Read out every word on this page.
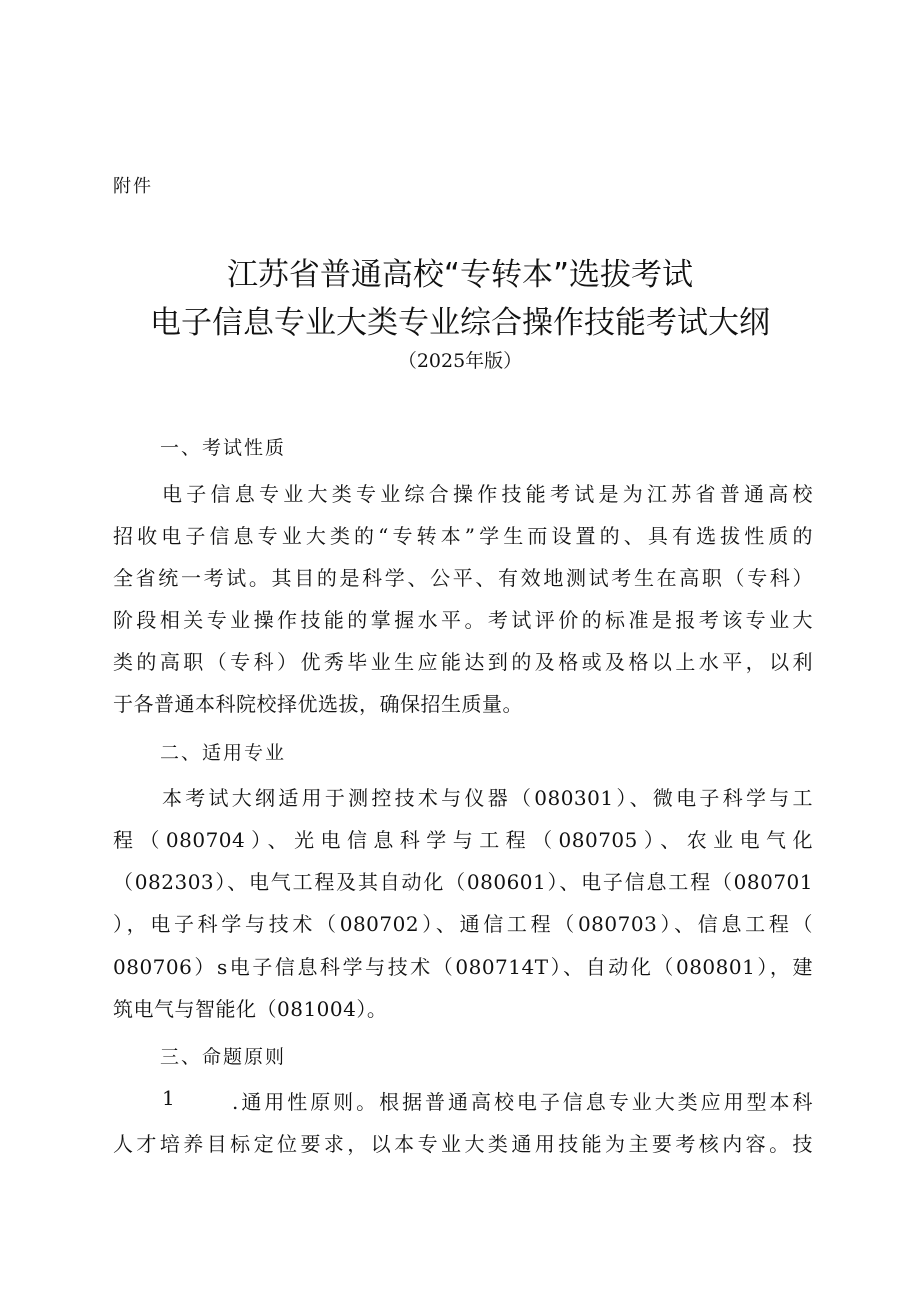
附件
江苏省普通高校“专转本”选拔考试
电子信息专业大类专业综合操作技能考试大纲
（2025年版）
一、考试性质
电子信息专业大类专业综合操作技能考试是为江苏省普通高校
招收电子信息专业大类的“专转本”学生而设置的、具有选拔性质的
全省统一考试。其目的是科学、公平、有效地测试考生在高职（专科）
阶段相关专业操作技能的掌握水平。考试评价的标准是报考该专业大
类的高职（专科）优秀毕业生应能达到的及格或及格以上水平，以利
于各普通本科院校择优选拔，确保招生质量。
二、适用专业
本考试大纲适用于测控技术与仪器（080301）、微电子科学与工
程（080704）、光电信息科学与工程（080705）、农业电气化
（082303）、电气工程及其自动化（080601）、电子信息工程（080701
），电子科学与技术（080702）、通信工程（080703）、信息工程（
080706）s电子信息科学与技术（080714T）、自动化（080801），建
筑电气与智能化（081004）。
三、命题原则
1	.通用性原则。根据普通高校电子信息专业大类应用型本科
人才培养目标定位要求，以本专业大类通用技能为主要考核内容。技
